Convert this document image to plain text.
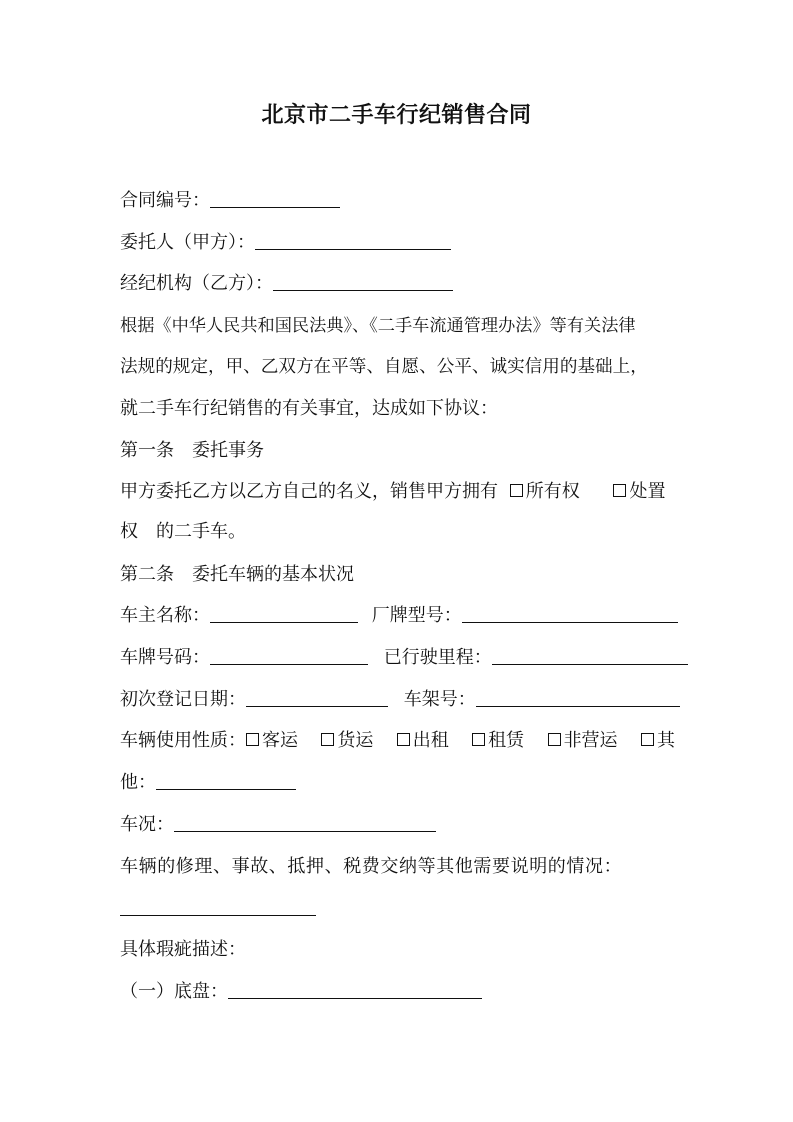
北京市二手车行纪销售合同
合同编号：
委托人（甲方）：
经纪机构（乙方）：
根据《中华人民共和国民法典》、《二手车流通管理办法》等有关法律
法规的规定，甲、乙双方在平等、自愿、公平、诚实信用的基础上，
就二手车行纪销售的有关事宜，达成如下协议：
第一条　委托事务
甲方委托乙方以乙方自己的名义，销售甲方拥有 所有权	处置
权　的二手车。
第二条　委托车辆的基本状况
车主名称：	厂牌型号：
车牌号码：	已行驶里程：
初次登记日期：	车架号：
车辆使用性质： 客运	货运	出租	租赁	非营运	其
他：
车况：
车辆的修理、事故、抵押、税费交纳等其他需要说明的情况：
具体瑕疵描述：
（一）底盘：
